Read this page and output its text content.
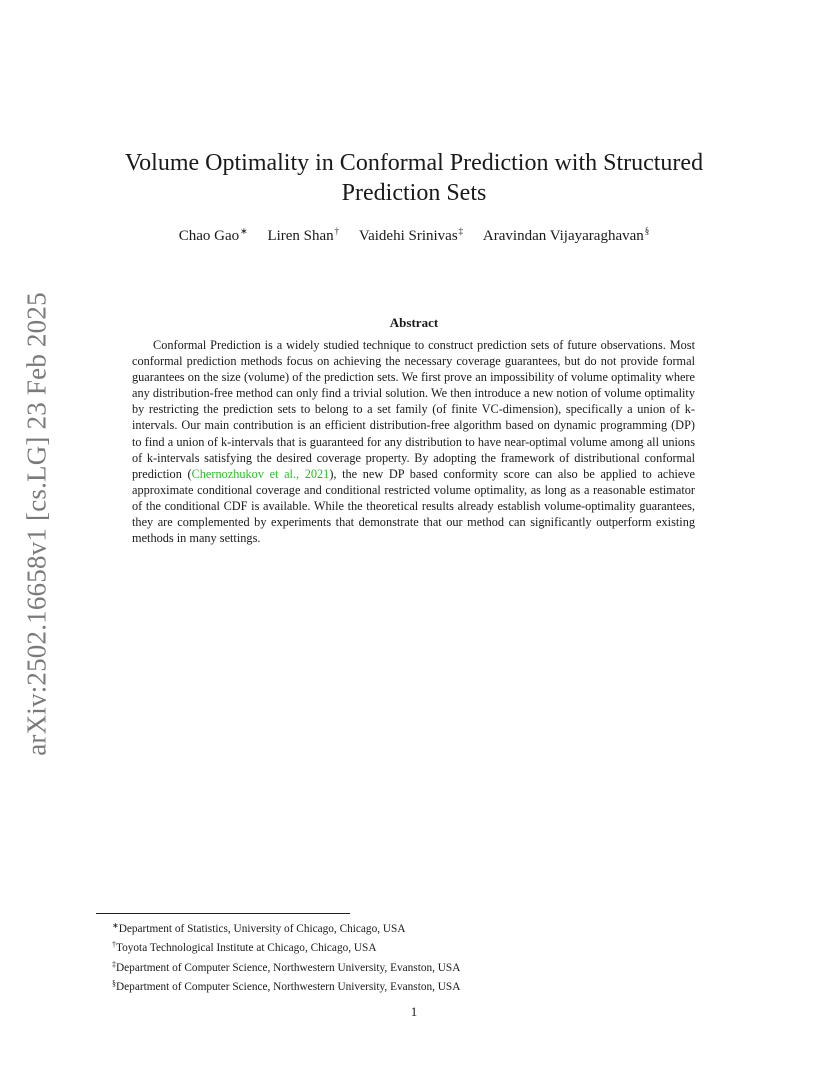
arXiv:2502.16658v1 [cs.LG] 23 Feb 2025
Volume Optimality in Conformal Prediction with Structured
Prediction Sets
Chao Gao∗ Liren Shan† Vaidehi Srinivas‡ Aravindan Vijayaraghavan§
Abstract

Conformal Prediction is a widely studied technique to construct prediction sets of future observations. Most conformal prediction methods focus on achieving the necessary coverage guarantees, but do not provide formal guarantees on the size (volume) of the prediction sets. We first prove an impossibility of volume optimality where any distribution-free method can only find a trivial solution. We then introduce a new notion of volume optimality by restricting the prediction sets to belong to a set family (of finite VC-dimension), specifically a union of k-intervals. Our main contribution is an efficient distribution-free algorithm based on dynamic programming (DP) to find a union of k-intervals that is guaranteed for any distribution to have near-optimal volume among all unions of k-intervals satisfying the desired coverage property. By adopting the framework of distributional conformal prediction (Chernozhukov et al., 2021), the new DP based conformity score can also be applied to achieve approximate conditional coverage and conditional restricted volume optimality, as long as a reasonable estimator of the conditional CDF is available. While the theoretical results already establish volume-optimality guarantees, they are complemented by experiments that demonstrate that our method can significantly outperform existing methods in many settings.

∗Department of Statistics, University of Chicago, Chicago, USA
†Toyota Technological Institute at Chicago, Chicago, USA
‡Department of Computer Science, Northwestern University, Evanston, USA
§Department of Computer Science, Northwestern University, Evanston, USA
1
